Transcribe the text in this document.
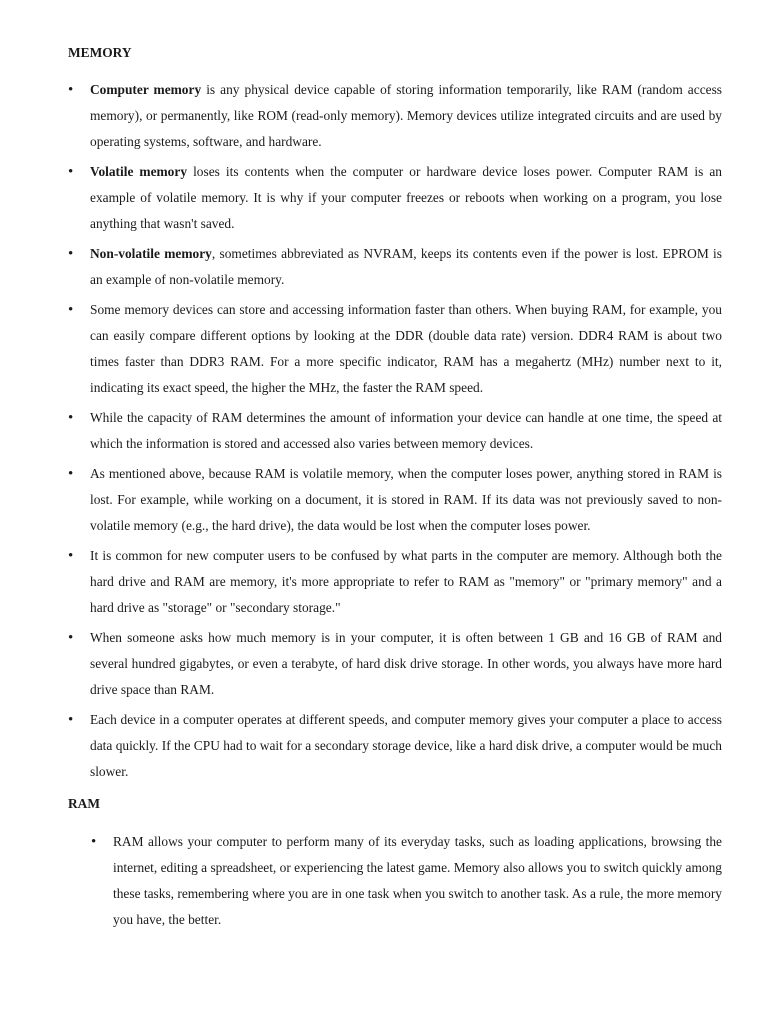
MEMORY
• Computer memory is any physical device capable of storing information temporarily, like RAM (random access memory), or permanently, like ROM (read-only memory). Memory devices utilize integrated circuits and are used by operating systems, software, and hardware.
• Volatile memory loses its contents when the computer or hardware device loses power. Computer RAM is an example of volatile memory. It is why if your computer freezes or reboots when working on a program, you lose anything that wasn't saved.
• Non-volatile memory, sometimes abbreviated as NVRAM, keeps its contents even if the power is lost. EPROM is an example of non-volatile memory.
• Some memory devices can store and accessing information faster than others. When buying RAM, for example, you can easily compare different options by looking at the DDR (double data rate) version. DDR4 RAM is about two times faster than DDR3 RAM. For a more specific indicator, RAM has a megahertz (MHz) number next to it, indicating its exact speed, the higher the MHz, the faster the RAM speed.
• While the capacity of RAM determines the amount of information your device can handle at one time, the speed at which the information is stored and accessed also varies between memory devices.
• As mentioned above, because RAM is volatile memory, when the computer loses power, anything stored in RAM is lost. For example, while working on a document, it is stored in RAM. If its data was not previously saved to non-volatile memory (e.g., the hard drive), the data would be lost when the computer loses power.
• It is common for new computer users to be confused by what parts in the computer are memory. Although both the hard drive and RAM are memory, it's more appropriate to refer to RAM as "memory" or "primary memory" and a hard drive as "storage" or "secondary storage."
• When someone asks how much memory is in your computer, it is often between 1 GB and 16 GB of RAM and several hundred gigabytes, or even a terabyte, of hard disk drive storage. In other words, you always have more hard drive space than RAM.
• Each device in a computer operates at different speeds, and computer memory gives your computer a place to access data quickly. If the CPU had to wait for a secondary storage device, like a hard disk drive, a computer would be much slower.
RAM
• RAM allows your computer to perform many of its everyday tasks, such as loading applications, browsing the internet, editing a spreadsheet, or experiencing the latest game. Memory also allows you to switch quickly among these tasks, remembering where you are in one task when you switch to another task. As a rule, the more memory you have, the better.
